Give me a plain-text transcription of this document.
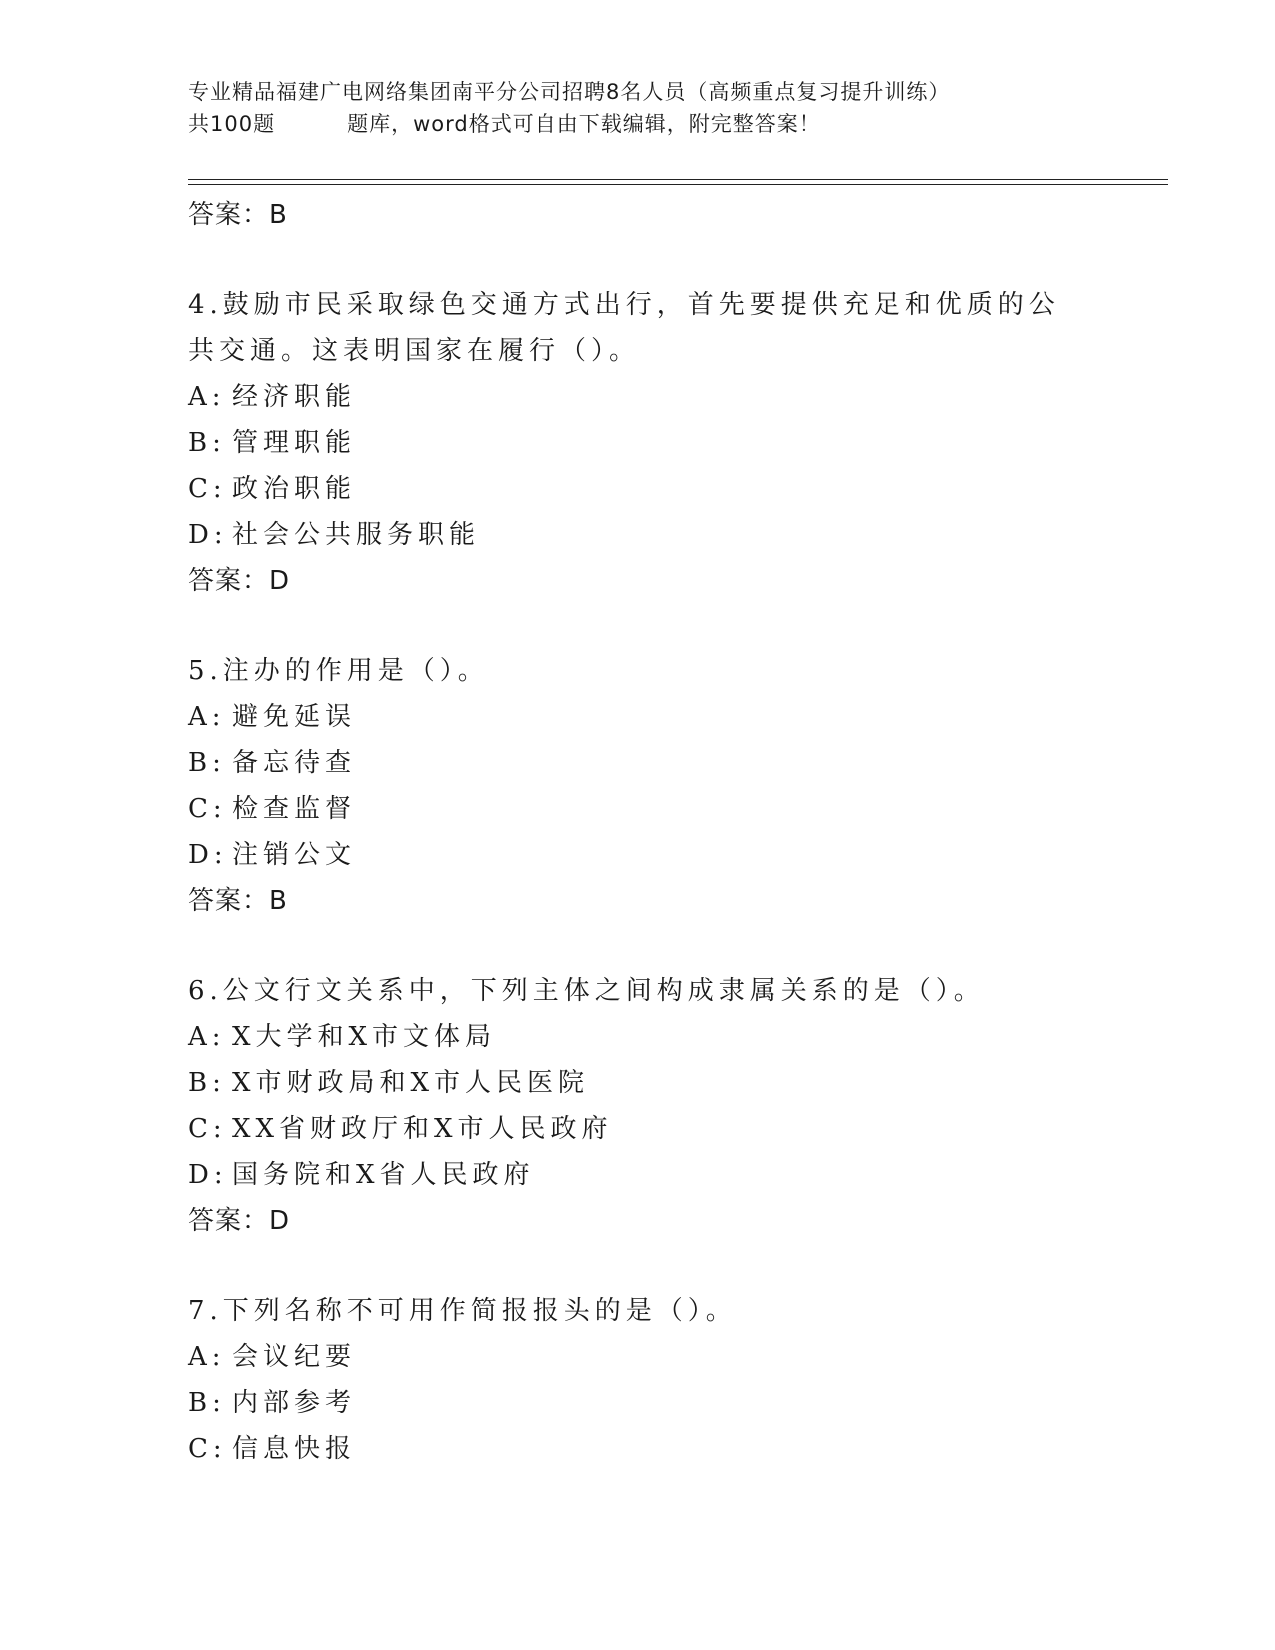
专业精品福建广电网络集团南平分公司招聘8名人员（高频重点复习提升训练）
共100题	题库，word格式可自由下载编辑，附完整答案！
答案：B
4.鼓励市民采取绿色交通方式出行，首先要提供充足和优质的公共交通。这表明国家在履行（）。
A: 经济职能
B: 管理职能
C: 政治职能
D: 社会公共服务职能
答案：D
5.注办的作用是（）。
A: 避免延误
B: 备忘待查
C: 检查监督
D: 注销公文
答案：B
6.公文行文关系中，下列主体之间构成隶属关系的是（）。
A: X大学和X市文体局
B: X市财政局和X市人民医院
C: XX省财政厅和X市人民政府
D: 国务院和X省人民政府
答案：D
7.下列名称不可用作简报报头的是（）。
A: 会议纪要
B: 内部参考
C: 信息快报
